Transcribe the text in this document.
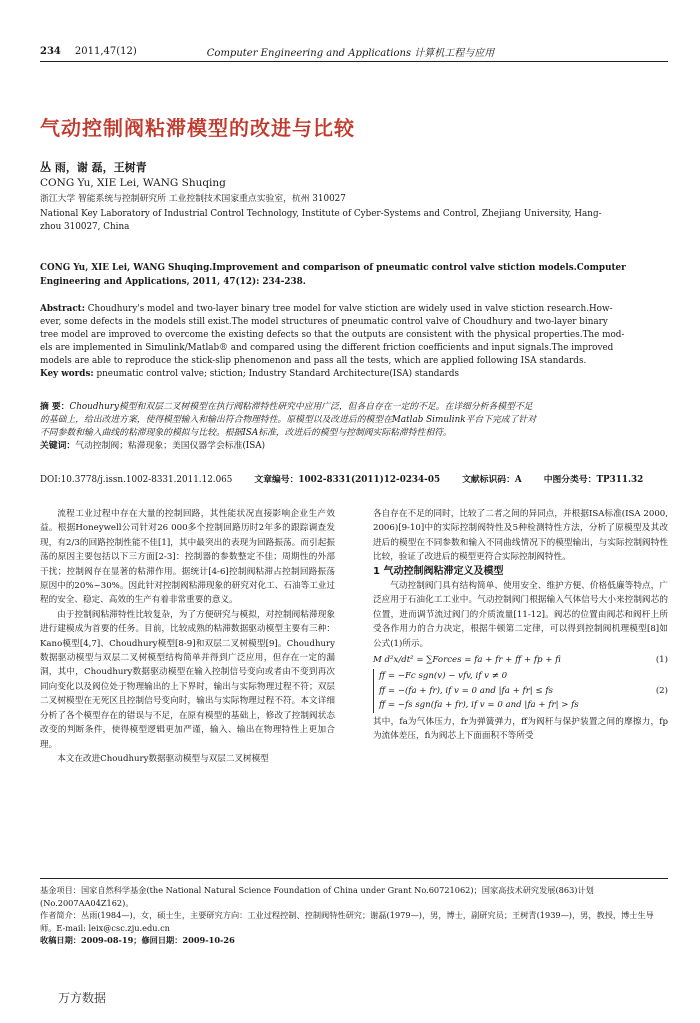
234 2011,47(12)	Computer Engineering and Applications 计算机工程与应用
气动控制阀粘滞模型的改进与比较
丛 雨，谢 磊，王树青
CONG Yu, XIE Lei, WANG Shuqing
浙江大学 智能系统与控制研究所 工业控制技术国家重点实验室，杭州 310027
National Key Laboratory of Industrial Control Technology, Institute of Cyber-Systems and Control, Zhejiang University, Hang-
zhou 310027, China
CONG Yu, XIE Lei, WANG Shuqing.Improvement and comparison of pneumatic control valve stiction models.Computer
Engineering and Applications, 2011, 47(12): 234-238.
Abstract: Choudhury's model and two-layer binary tree model for valve stiction are widely used in valve stiction research.How-
ever, some defects in the models still exist.The model structures of pneumatic control valve of Choudhury and two-layer binary
tree model are improved to overcome the existing defects so that the outputs are consistent with the physical properties.The mod-
els are implemented in Simulink/Matlab® and compared using the different friction coefficients and input signals.The improved
models are able to reproduce the stick-slip phenomenon and pass all the tests, which are applied following ISA standards.
Key words: pneumatic control valve; stiction; Industry Standard Architecture(ISA) standards
摘 要：Choudhury模型和双层二叉树模型在执行阀粘滞特性研究中应用广泛，但各自存在一定的不足。在详细分析各模型不足
的基础上，给出改进方案，使得模型输入和输出符合物理特性。原模型以及改进后的模型在Matlab Simulink平台下完成了针对
不同参数和输入曲线的粘滞现象的模拟与比较。根据ISA标准，改进后的模型与控制阀实际粘滞特性相符。
关键词：气动控制阀；粘滞现象；美国仪器学会标准(ISA)
DOI:10.3778/j.issn.1002-8331.2011.12.065	文章编号：1002-8331(2011)12-0234-05	文献标识码：A	中图分类号：TP311.32

流程工业过程中存在大量的控制回路，其性能状况直接影响企业生产效益。根据Honeywell公司针对26 000多个控制回路历时2年多的跟踪调查发现，有2/3的回路控制性能不佳[1]，其中最突出的表现为回路振荡。而引起振荡的原因主要包括以下三方面[2-3]：控制器的参数整定不佳；周期性的外部干扰；控制阀存在显著的粘滞作用。据统计[4-6]控制阀粘滞占控制回路振荡原因中的20%~30%。因此针对控制阀粘滞现象的研究对化工、石油等工业过程的安全、稳定、高效的生产有着非常重要的意义。

由于控制阀粘滞特性比较复杂，为了方便研究与模拟，对控制阀粘滞现象进行建模成为首要的任务。目前，比较成熟的粘滞数据驱动模型主要有三种：Kano模型[4,7]、Choudhury模型[8-9]和双层二叉树模型[9]。Choudhury数据驱动模型与双层二叉树模型结构简单并得到广泛应用，但存在一定的漏洞，其中，Choudhury数据驱动模型在输入控制信号变向或者由不变到再次同向变化以及阀位处于物理输出的上下界时，输出与实际物理过程不符；双层二叉树模型在无死区且控制信号变向时，输出与实际物理过程不符。本文详细分析了各个模型存在的错误与不足，在原有模型的基础上，修改了控制阀状态改变的判断条件，使得模型逻辑更加严谨，输入、输出在物理特性上更加合理。

本文在改进Choudhury数据驱动模型与双层二叉树模型

各自存在不足的同时，比较了二者之间的异同点，并根据ISA标准(ISA 2000, 2006)[9-10]中的实际控制阀特性及5种检测特性方法，分析了原模型及其改进后的模型在不同参数和输入不同曲线情况下的模型输出，与实际控制阀特性比较，验证了改进后的模型更符合实际控制阀特性。

1 气动控制阀粘滞定义及模型

气动控制阀门具有结构简单、使用安全、维护方便、价格低廉等特点，广泛应用于石油化工工业中。气动控制阀门根据输入气体信号大小来控制阀芯的位置，进而调节流过阀门的介质流量[11-12]。阀芯的位置由阀芯和阀杆上所受各作用力的合力决定，根据牛顿第二定律，可以得到控制阀机理模型[8]如公式(1)所示。

M d²x/dt² = ∑Forces = fa + fr + ff + fp + fi	(1)
ff = −Fc sgn(v) − vfv, if v ≠ 0
ff = −(fa + fr), if v = 0 and |fa + fr| ≤ fs
ff = −fs sgn(fa + fr), if v = 0 and |fa + fr| > fs
(2)

其中，fa为气体压力，fr为弹簧弹力，ff为阀杆与保护装置之间的摩擦力，fp为流体差压，fi为阀芯上下面面积不等所受

基金项目：国家自然科学基金(the National Natural Science Foundation of China under Grant No.60721062)；国家高技术研究发展(863)计划(No.2007AA04Z162)。
作者简介：丛雨(1984—)，女，硕士生，主要研究方向：工业过程控制、控制阀特性研究；谢磊(1979—)，男，博士，副研究员；王树青(1939—)，男，教授，博士生导师。E-mail: leix@csc.zju.edu.cn
收稿日期：2009-08-19；修回日期：2009-10-26
万方数据
